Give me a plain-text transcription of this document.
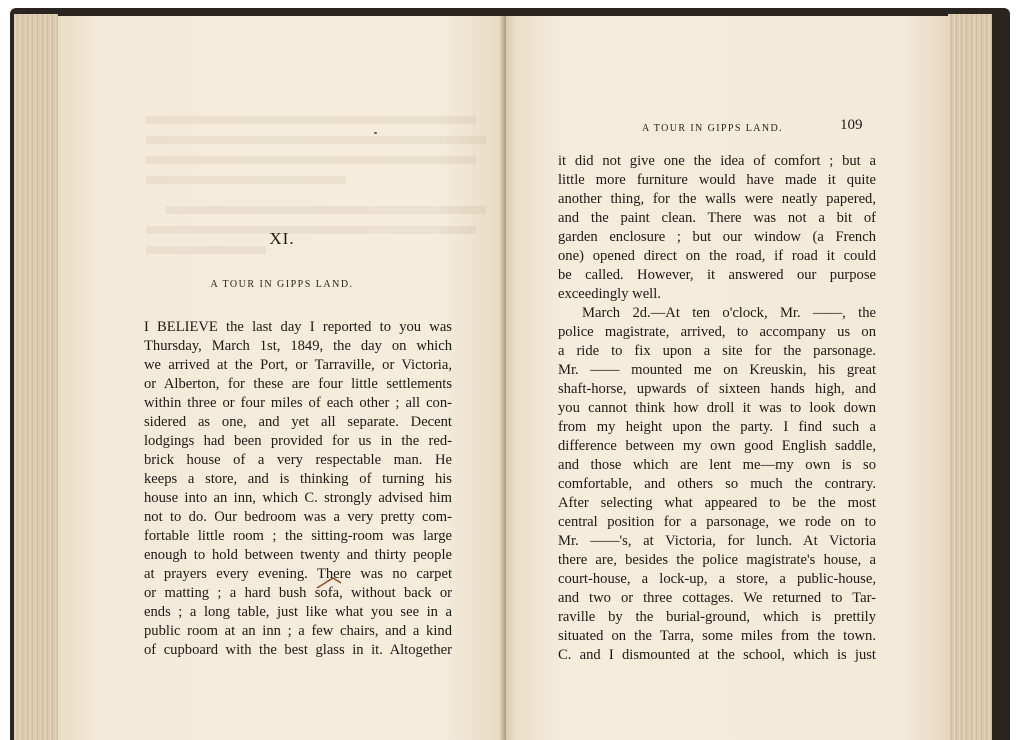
XI.
A TOUR IN GIPPS LAND.
I BELIEVE the last day I reported to you was
Thursday, March 1st, 1849, the day on which
we arrived at the Port, or Tarraville, or Victoria,
or Alberton, for these are four little settlements
within three or four miles of each other ; all con-
sidered as one, and yet all separate. Decent
lodgings had been provided for us in the red-
brick house of a very respectable man. He
keeps a store, and is thinking of turning his
house into an inn, which C. strongly advised him
not to do. Our bedroom was a very pretty com-
fortable little room ; the sitting-room was large
enough to hold between twenty and thirty people
at prayers every evening. There was no carpet
or matting ; a hard bush sofa, without back or
ends ; a long table, just like what you see in a
public room at an inn ; a few chairs, and a kind
of cupboard with the best glass in it. Altogether
A TOUR IN GIPPS LAND.	109
it did not give one the idea of comfort ; but a
little more furniture would have made it quite
another thing, for the walls were neatly papered,
and the paint clean. There was not a bit of
garden enclosure ; but our window (a French
one) opened direct on the road, if road it could
be called. However, it answered our purpose
exceedingly well.
March 2d.—At ten o'clock, Mr. ——, the
police magistrate, arrived, to accompany us on
a ride to fix upon a site for the parsonage.
Mr. —— mounted me on Kreuskin, his great
shaft-horse, upwards of sixteen hands high, and
you cannot think how droll it was to look down
from my height upon the party. I find such a
difference between my own good English saddle,
and those which are lent me—my own is so
comfortable, and others so much the contrary.
After selecting what appeared to be the most
central position for a parsonage, we rode on to
Mr. ——'s, at Victoria, for lunch. At Victoria
there are, besides the police magistrate's house, a
court-house, a lock-up, a store, a public-house,
and two or three cottages. We returned to Tar-
raville by the burial-ground, which is prettily
situated on the Tarra, some miles from the town.
C. and I dismounted at the school, which is just
